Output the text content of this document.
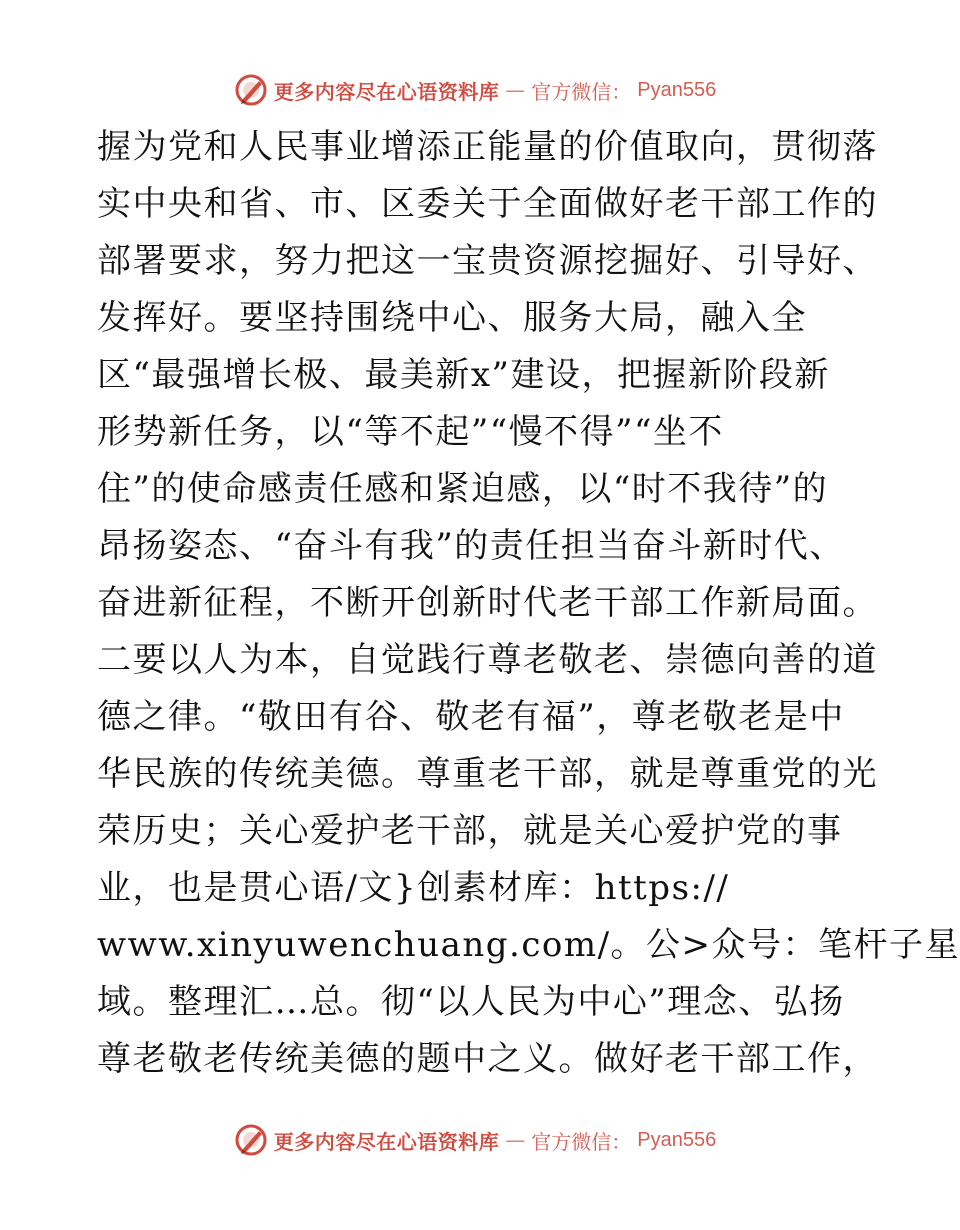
更多内容尽在心语资料库 — 官方微信： Pyan556
握为党和人民事业增添正能量的价值取向，贯彻落
实中央和省、市、区委关于全面做好老干部工作的
部署要求，努力把这一宝贵资源挖掘好、引导好、
发挥好。要坚持围绕中心、服务大局，融入全
区“最强增长极、最美新x”建设，把握新阶段新
形势新任务，以“等不起”“慢不得”“坐不
住”的使命感责任感和紧迫感，以“时不我待”的
昂扬姿态、“奋斗有我”的责任担当奋斗新时代、
奋进新征程，不断开创新时代老干部工作新局面。
二要以人为本，自觉践行尊老敬老、崇德向善的道
德之律。“敬田有谷、敬老有福”，尊老敬老是中
华民族的传统美德。尊重老干部，就是尊重党的光
荣历史；关心爱护老干部，就是关心爱护党的事
业，也是贯心语/文}创素材库：https://
www.xinyuwenchuang.com/。公>众号：笔杆子星
域。整理汇…总。彻“以人民为中心”理念、弘扬
尊老敬老传统美德的题中之义。做好老干部工作，
更多内容尽在心语资料库 — 官方微信： Pyan556
